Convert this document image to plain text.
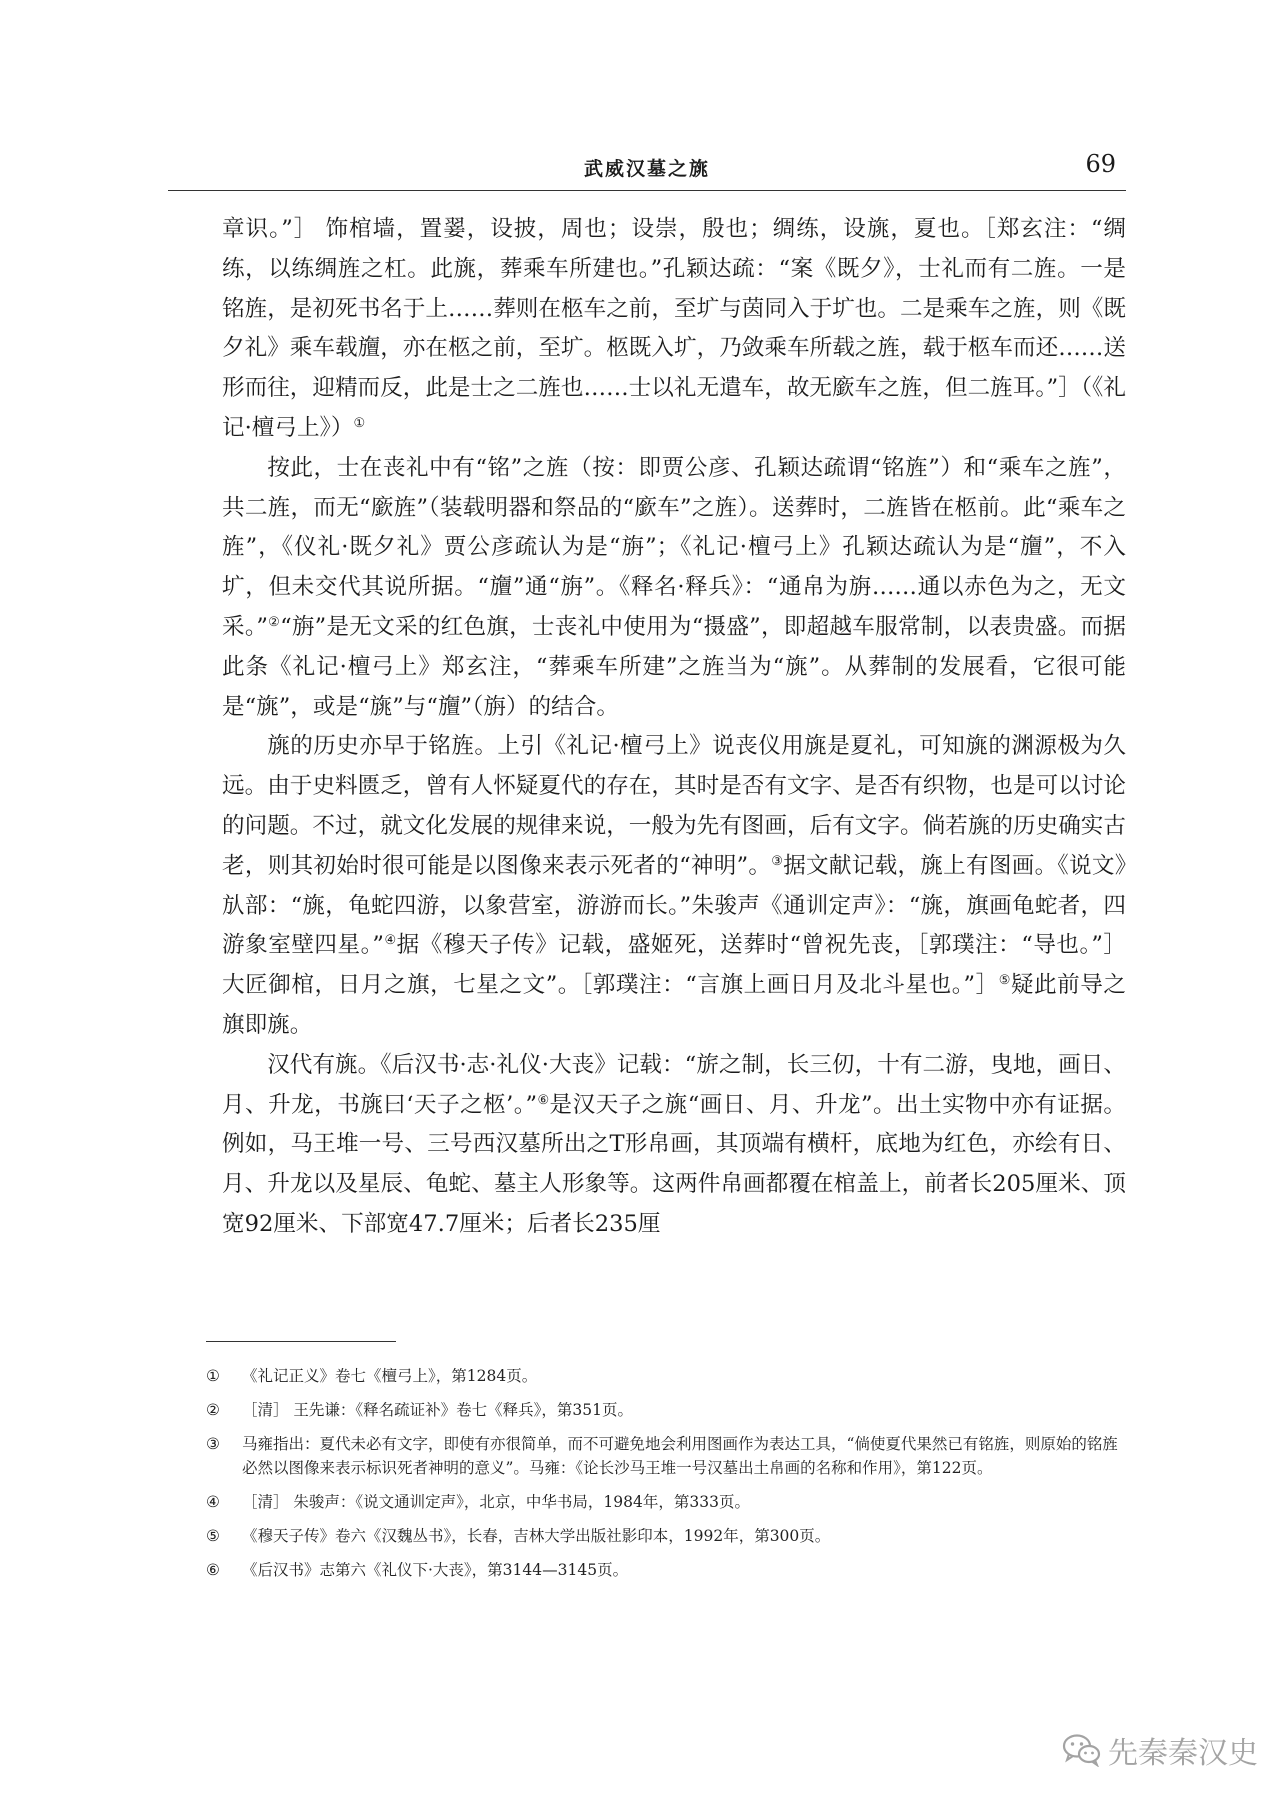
武威汉墓之旐	69

章识。”］ 饰棺墙，置翣，设披，周也；设崇，殷也；绸练，设旐，夏也。［郑玄注：“绸练，以练绸旌之杠。此旐，葬乘车所建也。”孔颖达疏：“案《既夕》，士礼而有二旌。一是铭旌，是初死书名于上……葬则在柩车之前，至圹与茵同入于圹也。二是乘车之旌，则《既夕礼》乘车载旜，亦在柩之前，至圹。柩既入圹，乃敛乘车所载之旌，载于柩车而还……送形而往，迎精而反，此是士之二旌也……士以礼无遣车，故无廞车之旌，但二旌耳。”］（《礼记·檀弓上》）①

按此，士在丧礼中有“铭”之旌（按：即贾公彦、孔颖达疏谓“铭旌”）和“乘车之旌”，共二旌，而无“廞旌”（装载明器和祭品的“廞车”之旌）。送葬时，二旌皆在柩前。此“乘车之旌”，《仪礼·既夕礼》贾公彦疏认为是“旃”；《礼记·檀弓上》孔颖达疏认为是“旜”，不入圹，但未交代其说所据。“旜”通“旃”。《释名·释兵》：“通帛为旃……通以赤色为之，无文采。”②“旃”是无文采的红色旗，士丧礼中使用为“摄盛”，即超越车服常制，以表贵盛。而据此条《礼记·檀弓上》郑玄注，“葬乘车所建”之旌当为“旐”。从葬制的发展看，它很可能是“旐”，或是“旐”与“旜”（旃）的结合。

旐的历史亦早于铭旌。上引《礼记·檀弓上》说丧仪用旐是夏礼，可知旐的渊源极为久远。由于史料匮乏，曾有人怀疑夏代的存在，其时是否有文字、是否有织物，也是可以讨论的问题。不过，就文化发展的规律来说，一般为先有图画，后有文字。倘若旐的历史确实古老，则其初始时很可能是以图像来表示死者的“神明”。③据文献记载，旐上有图画。《说文》㫃部：“旐，龟蛇四游，以象营室，游游而长。”朱骏声《通训定声》：“旐，旗画龟蛇者，四游象室壁四星。”④据《穆天子传》记载，盛姬死，送葬时“曾祝先丧，［郭璞注：“导也。”］大匠御棺，日月之旗，七星之文”。［郭璞注：“言旗上画日月及北斗星也。”］⑤疑此前导之旗即旐。

汉代有旐。《后汉书·志·礼仪·大丧》记载：“旂之制，长三仞，十有二游，曳地，画日、月、升龙，书旐曰‘天子之柩’。”⑥是汉天子之旐“画日、月、升龙”。出土实物中亦有证据。例如，马王堆一号、三号西汉墓所出之T形帛画，其顶端有横杆，底地为红色，亦绘有日、月、升龙以及星辰、龟蛇、墓主人形象等。这两件帛画都覆在棺盖上，前者长205厘米、顶宽92厘米、下部宽47.7厘米；后者长235厘

① 《礼记正义》卷七《檀弓上》，第1284页。
② ［清］ 王先谦：《释名疏证补》卷七《释兵》，第351页。
③ 马雍指出：夏代未必有文字，即使有亦很简单，而不可避免地会利用图画作为表达工具，“倘使夏代果然已有铭旌，则原始的铭旌必然以图像来表示标识死者神明的意义”。马雍：《论长沙马王堆一号汉墓出土帛画的名称和作用》，第122页。
④ ［清］ 朱骏声：《说文通训定声》，北京，中华书局，1984年，第333页。
⑤ 《穆天子传》卷六《汉魏丛书》，长春，吉林大学出版社影印本，1992年，第300页。
⑥ 《后汉书》志第六《礼仪下·大丧》，第3144—3145页。
先秦秦汉史
